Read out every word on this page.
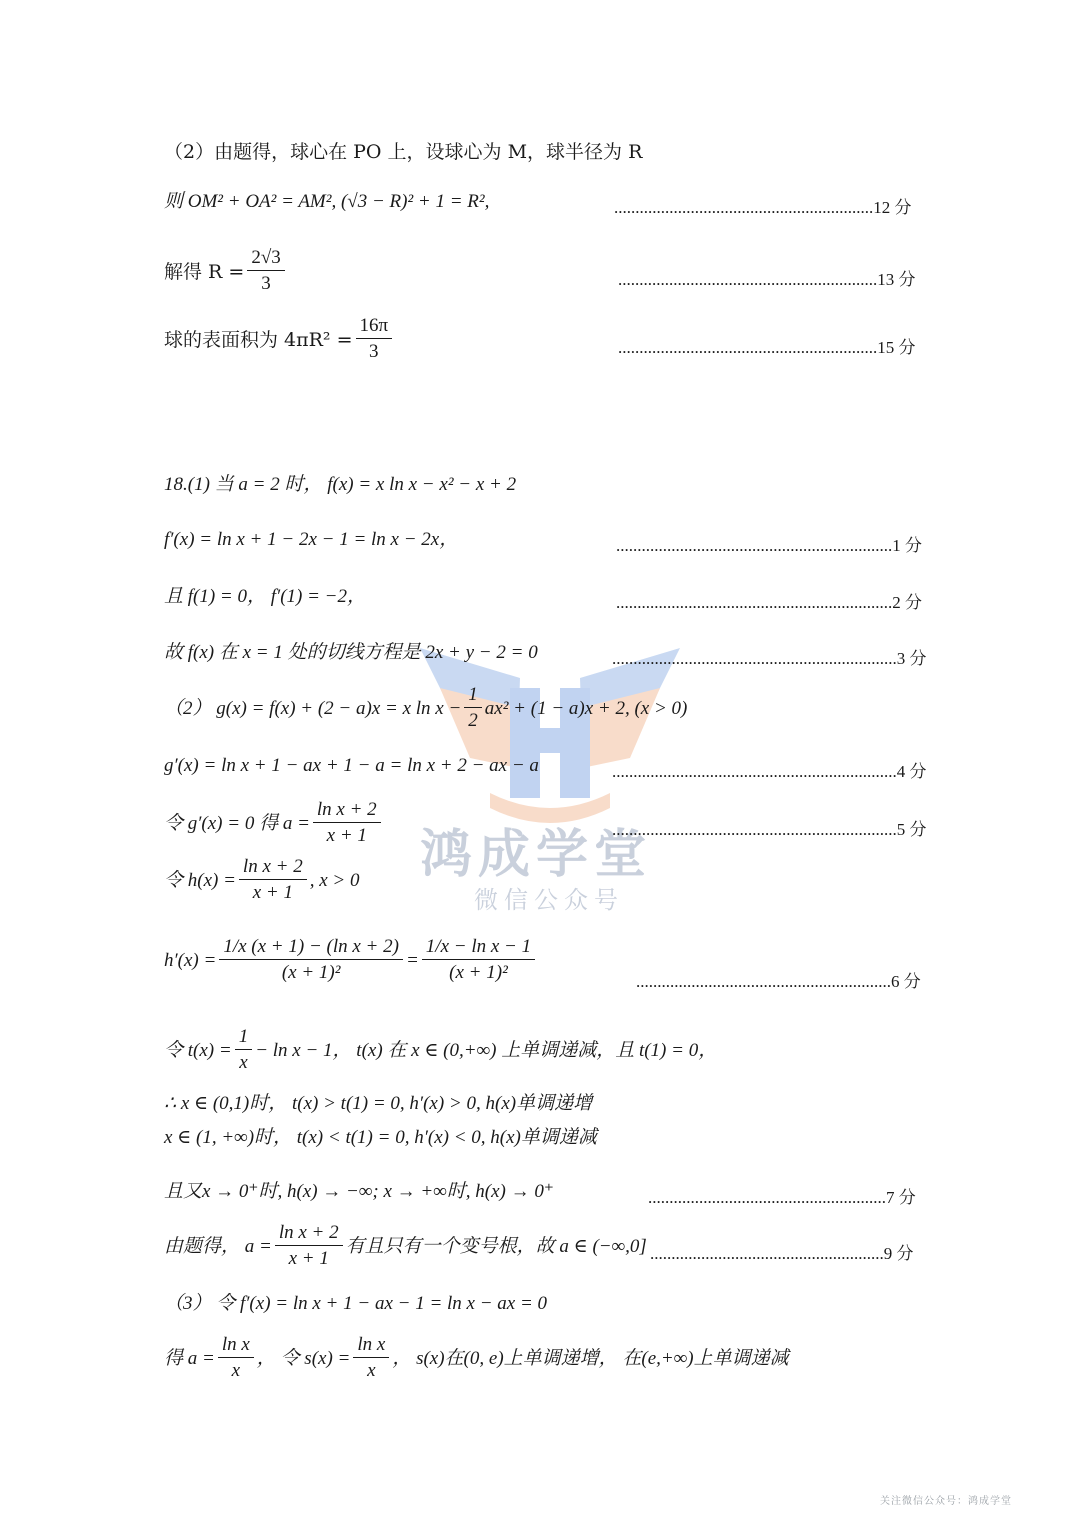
鸿成学堂
微信公众号
（2）由题得，球心在 PO 上，设球心为 M，球半径为 R
则 OM² + OA² = AM², (√3 − R)² + 1 = R²,	.............................................................12 分
解得 $R = \frac{2√3}{3}$	.............................................................13 分
球的表面积为 $4\pi R^2 = \frac{16\pi}{3}$	.............................................................15 分
18.(1) 当 a = 2 时， f(x) = x ln x − x² − x + 2
f′(x) = ln x + 1 − 2x − 1 = ln x − 2x，	.................................................................1 分
且 f(1) = 0， f′(1) = −2，	.................................................................2 分
故 f(x) 在 x = 1 处的切线方程是 2x + y − 2 = 0	...................................................................3 分
（2） g(x) = f(x) + (2 − a)x = x $\ln x - \frac{1}{2} ax^2 + (1 - a)x + 2$, (x > 0)
g′(x) = ln x + 1 − ax + 1 − a = ln x + 2 − ax − a	...................................................................4 分
令 g′(x) = 0 得 $a = \frac{\text{ln x + 2}}{x + 1}$	...................................................................5 分
令 $h(x) = \frac{\text{ln x + 2}}{x + 1}$ , x > 0
$h'(x) = \frac{\text{1/x (x + 1) − (ln x + 2)}}{\text{(x + 1)²}} = \frac{\text{1/x − ln x − 1}}{\text{(x + 1)²}}$	............................................................6 分
令 $t(x) = \frac{1}{x} - \ln x - 1$， t(x) 在 x ∈ (0,+∞) 上单调递减，且 t(1) = 0，
∴ x ∈ (0,1)时， t(x) > t(1) = 0, h′(x) > 0, h(x)单调递增
x ∈ (1, +∞)时， t(x) < t(1) = 0, h′(x) < 0, h(x)单调递减
且又x → 0⁺时, h(x) → −∞; x → +∞时, h(x) → 0⁺	........................................................7 分
由题得， $a = \frac{\text{ln x + 2}}{x + 1}$ 有且只有一个变号根，故 a ∈ (−∞,0] .......................................................9 分
（3） 令 f′(x) = ln x + 1 − ax − 1 = ln x − ax = 0
得 $a = \frac{\text{ln x}}{x}$ ， 令 $s(x) = \frac{\text{ln x}}{x}$ ， s(x)在(0, e)上单调递增， 在(e,+∞)上单调递减
关注微信公众号：鸿成学堂
